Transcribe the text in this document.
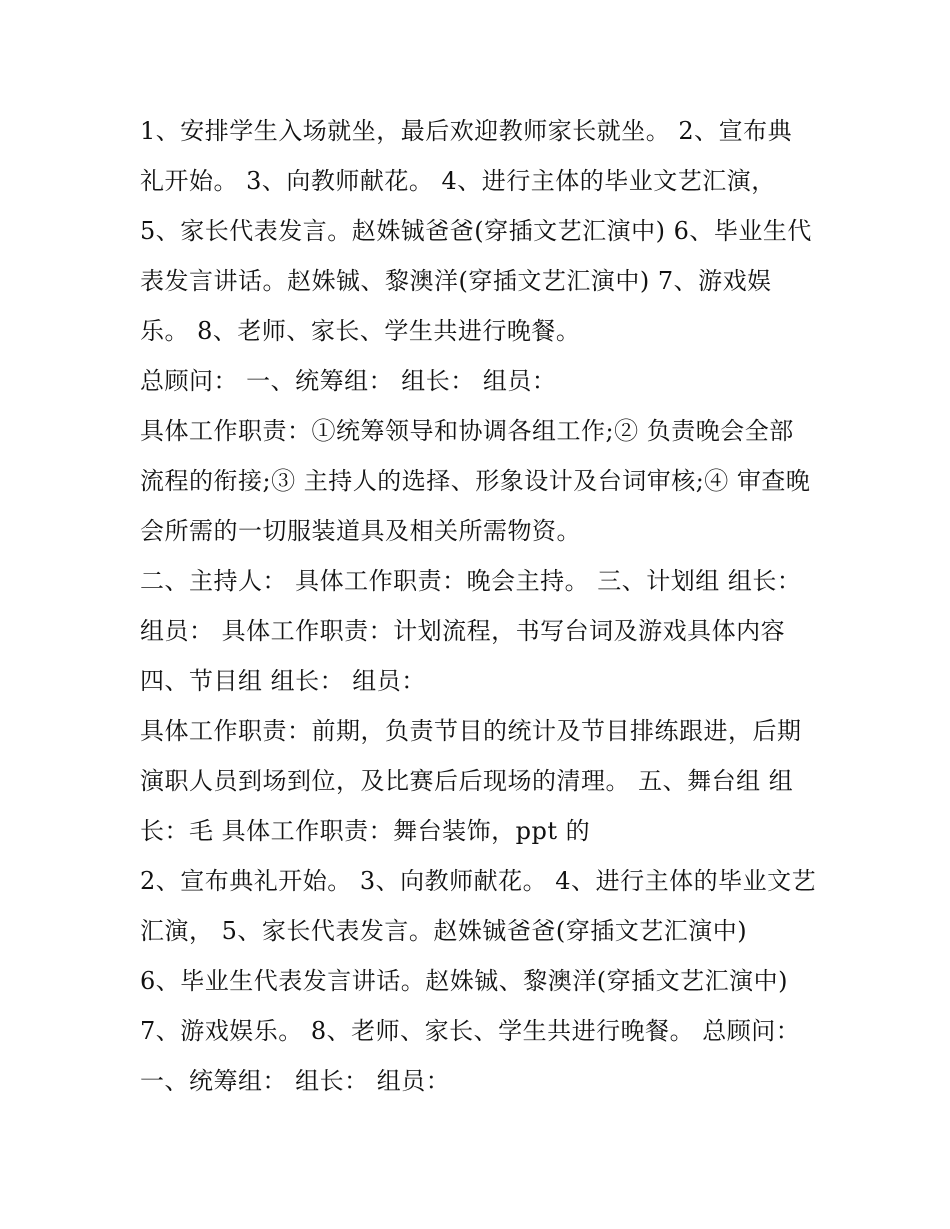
1、安排学生入场就坐，最后欢迎教师家长就坐。 2、宣布典
礼开始。 3、向教师献花。 4、进行主体的毕业文艺汇演，
5、家长代表发言。赵姝铖爸爸(穿插文艺汇演中) 6、毕业生代
表发言讲话。赵姝铖、黎澳洋(穿插文艺汇演中) 7、游戏娱
乐。 8、老师、家长、学生共进行晚餐。
总顾问： 一、统筹组： 组长： 组员：
具体工作职责：①统筹领导和协调各组工作;② 负责晚会全部
流程的衔接;③ 主持人的选择、形象设计及台词审核;④ 审查晚
会所需的一切服装道具及相关所需物资。
二、主持人： 具体工作职责：晚会主持。 三、计划组 组长：
组员： 具体工作职责：计划流程，书写台词及游戏具体内容
四、节目组 组长： 组员：
具体工作职责：前期，负责节目的统计及节目排练跟进，后期
演职人员到场到位，及比赛后后现场的清理。 五、舞台组 组
长：毛 具体工作职责：舞台装饰，ppt 的
2、宣布典礼开始。 3、向教师献花。 4、进行主体的毕业文艺
汇演， 5、家长代表发言。赵姝铖爸爸(穿插文艺汇演中)
6、毕业生代表发言讲话。赵姝铖、黎澳洋(穿插文艺汇演中)
7、游戏娱乐。 8、老师、家长、学生共进行晚餐。 总顾问：
一、统筹组： 组长： 组员：
